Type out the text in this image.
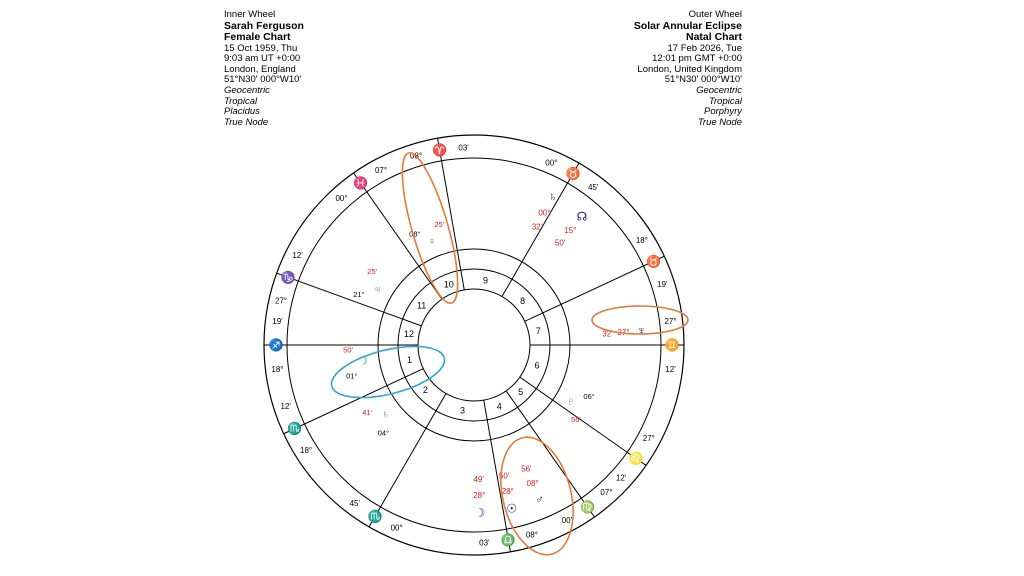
Inner Wheel
Sarah Ferguson
Female Chart
15 Oct 1959, Thu
9:03 am UT +0:00
London, England
51°N30' 000°W10'
Geocentric
Tropical
Placidus
True Node
Outer Wheel
Solar Annular Eclipse
Natal Chart
17 Feb 2026, Tue
12:01 pm GMT +0:00
London, United Kingdom
51°N30' 000°W10'
Geocentric
Tropical
Porphyry
True Node
1
2
3	4
5
6
7
8
9
10
11
12
♊
27°
12'
♉
18°
19'
♉
00°
45'
♈
08°
03'
♓
00°
07°
♑
27°
12'
♐
18°
19'
♏
18°
12'
♏
00°
45'
♎ 08°
03'
♍
07°
00'
♌
27°
12'
☊
15°
50'
♆
27°
32'
♄
00°
32'
♂
08°
56'
☉
28°
50'
☽
28°
49'
♀
08°
25'
♃
21°
25'
☽
01°
50'
♄
04°
41'
♇ 06°
56'
